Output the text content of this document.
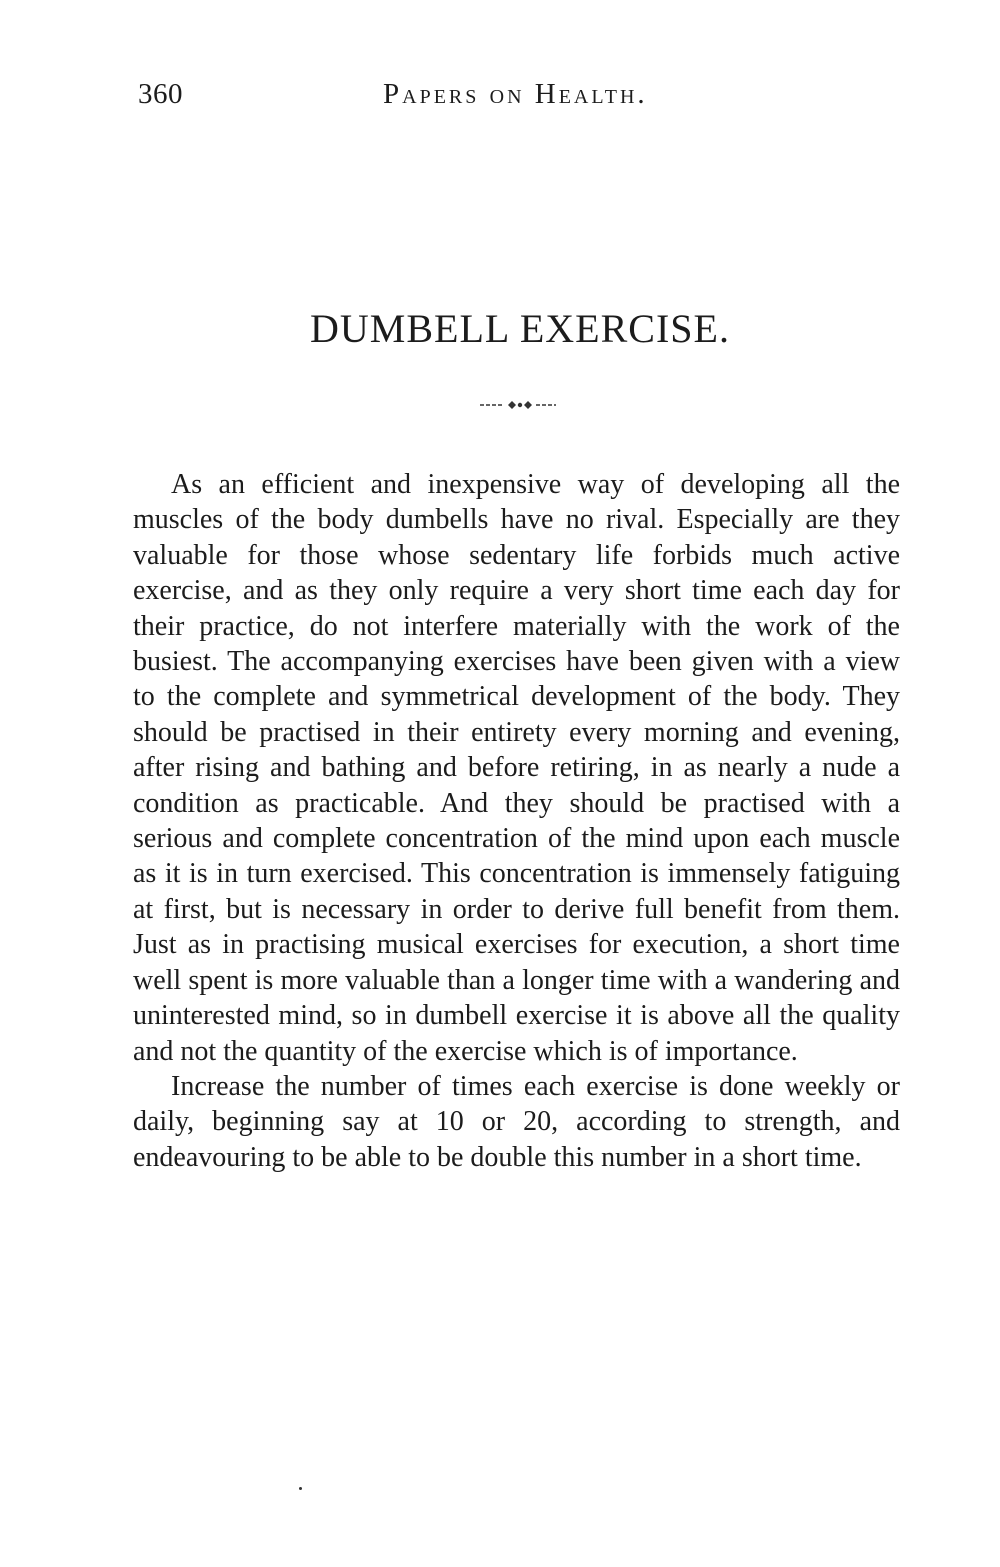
360	Papers on Health.
DUMBELL EXERCISE.

As an efficient and inexpensive way of developing all the muscles of the body dumbells have no rival. Especially are they valuable for those whose sedentary life forbids much active exercise, and as they only require a very short time each day for their practice, do not interfere materially with the work of the busiest. The accompanying exercises have been given with a view to the complete and symmetrical development of the body. They should be practised in their entirety every morning and evening, after rising and bathing and before retiring, in as nearly a nude a condition as practicable. And they should be practised with a serious and complete concentration of the mind upon each muscle as it is in turn exercised. This concentration is immensely fatiguing at first, but is necessary in order to derive full benefit from them. Just as in practising musical exercises for execution, a short time well spent is more valuable than a longer time with a wandering and uninterested mind, so in dumbell exercise it is above all the quality and not the quantity of the exercise which is of importance.

Increase the number of times each exercise is done weekly or daily, beginning say at 10 or 20, according to strength, and endeavouring to be able to be double this number in a short time.
